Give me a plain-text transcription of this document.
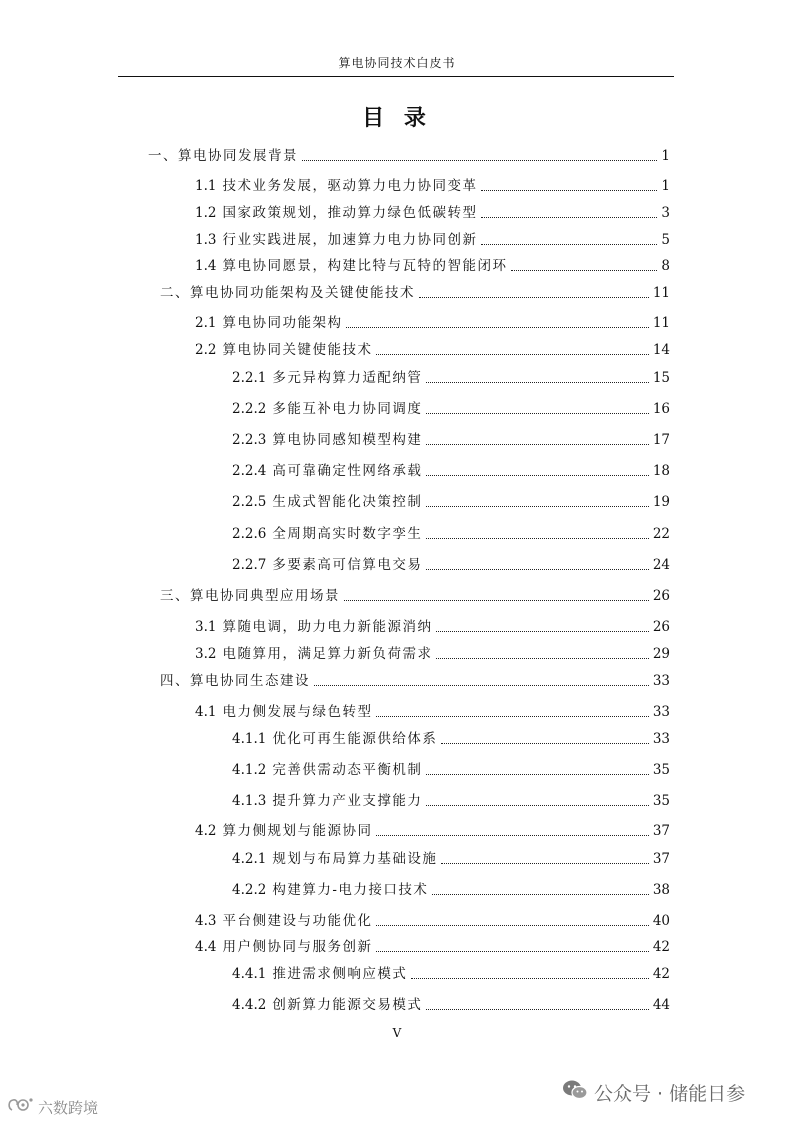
算电协同技术白皮书
目 录
一、算电协同发展背景	1
1.1 技术业务发展，驱动算力电力协同变革	1
1.2 国家政策规划，推动算力绿色低碳转型	3
1.3 行业实践进展，加速算力电力协同创新	5
1.4 算电协同愿景，构建比特与瓦特的智能闭环	8
二、算电协同功能架构及关键使能技术	11
2.1 算电协同功能架构	11
2.2 算电协同关键使能技术	14
2.2.1 多元异构算力适配纳管	15
2.2.2 多能互补电力协同调度	16
2.2.3 算电协同感知模型构建	17
2.2.4 高可靠确定性网络承载	18
2.2.5 生成式智能化决策控制	19
2.2.6 全周期高实时数字孪生	22
2.2.7 多要素高可信算电交易	24
三、算电协同典型应用场景	26
3.1 算随电调，助力电力新能源消纳	26
3.2 电随算用，满足算力新负荷需求	29
四、算电协同生态建设	33
4.1 电力侧发展与绿色转型	33
4.1.1 优化可再生能源供给体系	33
4.1.2 完善供需动态平衡机制	35
4.1.3 提升算力产业支撑能力	35
4.2 算力侧规划与能源协同	37
4.2.1 规划与布局算力基础设施	37
4.2.2 构建算力-电力接口技术	38
4.3 平台侧建设与功能优化	40
4.4 用户侧协同与服务创新	42
4.4.1 推进需求侧响应模式	42
4.4.2 创新算力能源交易模式	44
V
公众号 · 储能日参
六数跨境
